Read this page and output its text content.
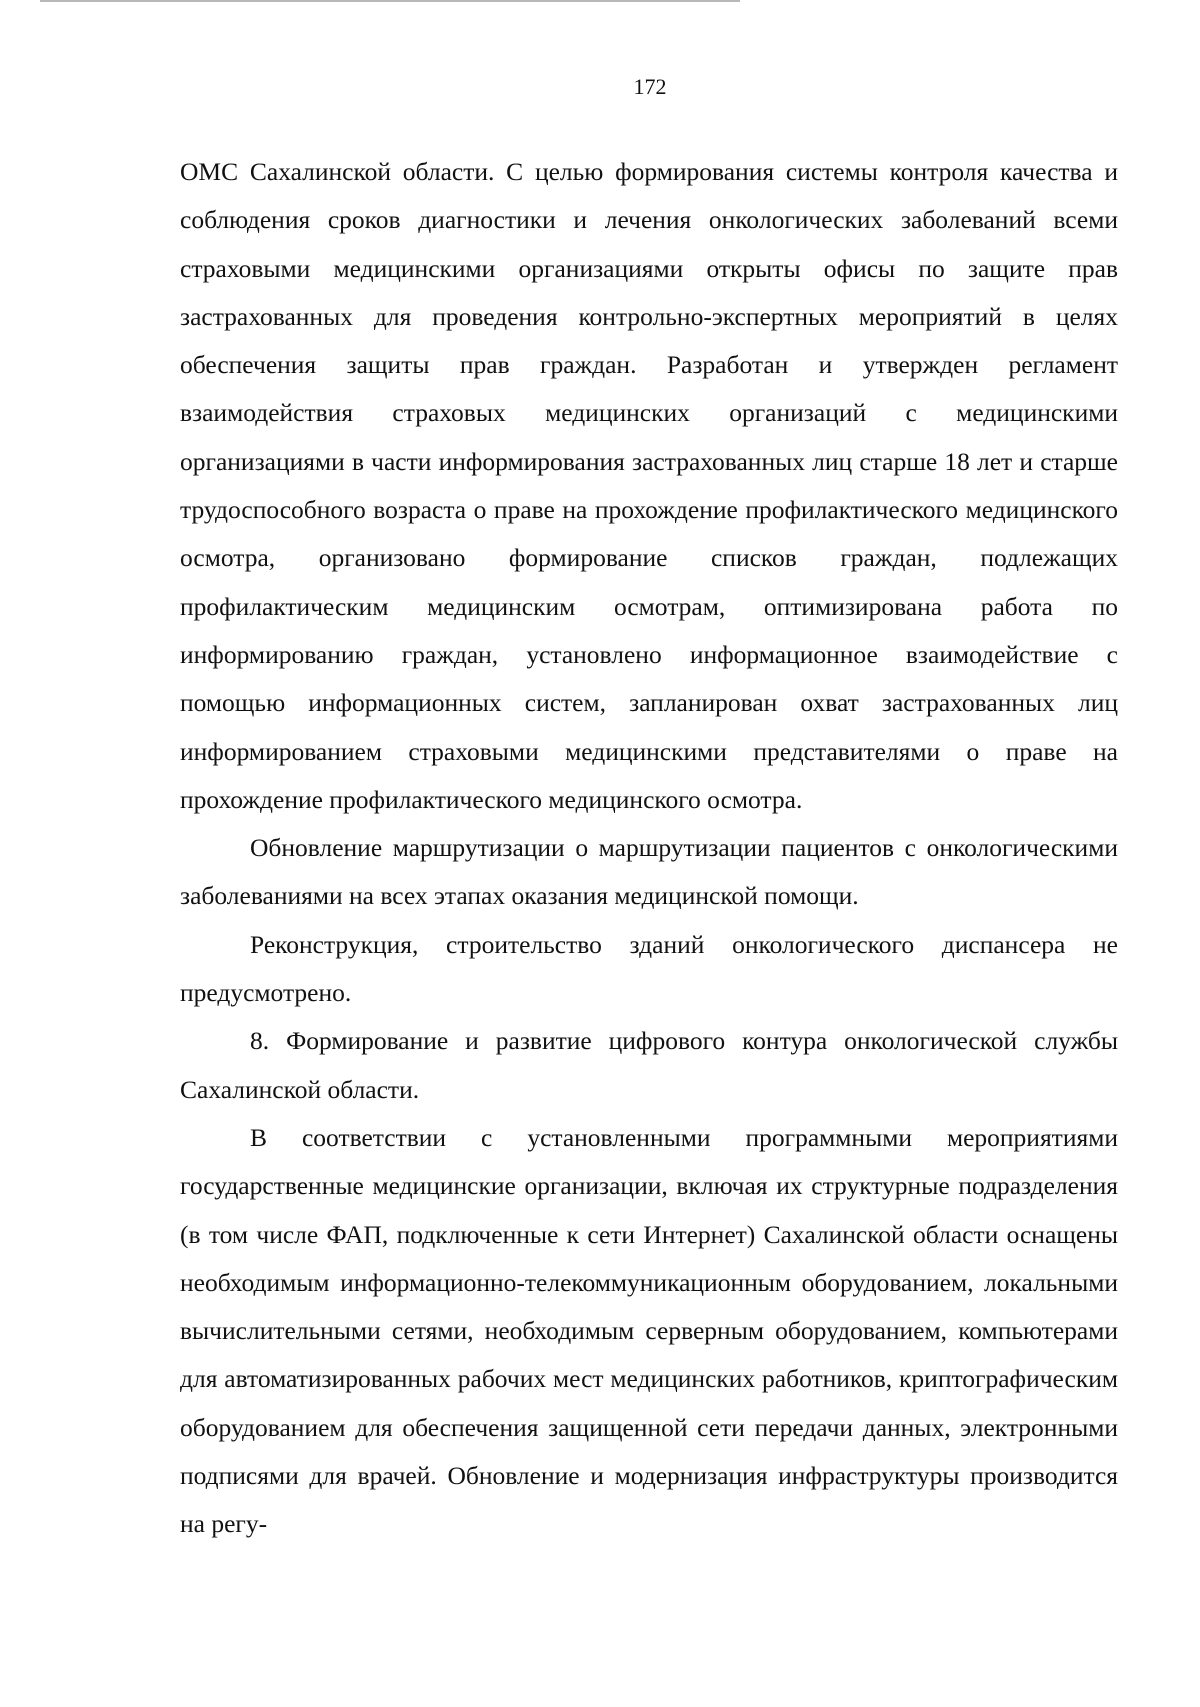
172

ОМС Сахалинской области. С целью формирования системы контроля качества и соблюдения сроков диагностики и лечения онкологических заболеваний всеми страховыми медицинскими организациями открыты офисы по защите прав застрахованных для проведения контрольно-экспертных мероприятий в целях обеспечения защиты прав граждан. Разработан и утвержден регламент взаимодействия страховых медицинских организаций с медицинскими организациями в части информирования застрахованных лиц старше 18 лет и старше трудоспособного возраста о праве на прохождение профилактического медицинского осмотра, организовано формирование списков граждан, подлежащих профилактическим медицинским осмотрам, оптимизирована работа по информированию граждан, установлено информационное взаимодействие с помощью информационных систем, запланирован охват застрахованных лиц информированием страховыми медицинскими представителями о праве на прохождение профилактического медицинского осмотра.

Обновление маршрутизации о маршрутизации пациентов с онкологическими заболеваниями на всех этапах оказания медицинской помощи.

Реконструкция, строительство зданий онкологического диспансера не предусмотрено.

8. Формирование и развитие цифрового контура онкологической службы Сахалинской области.

В соответствии с установленными программными мероприятиями государственные медицинские организации, включая их структурные подразделения (в том числе ФАП, подключенные к сети Интернет) Сахалинской области оснащены необходимым информационно-телекоммуникационным оборудованием, локальными вычислительными сетями, необходимым серверным оборудованием, компьютерами для автоматизированных рабочих мест медицинских работников, криптографическим оборудованием для обеспечения защищенной сети передачи данных, электронными подписями для врачей. Обновление и модернизация инфраструктуры производится на регу-
